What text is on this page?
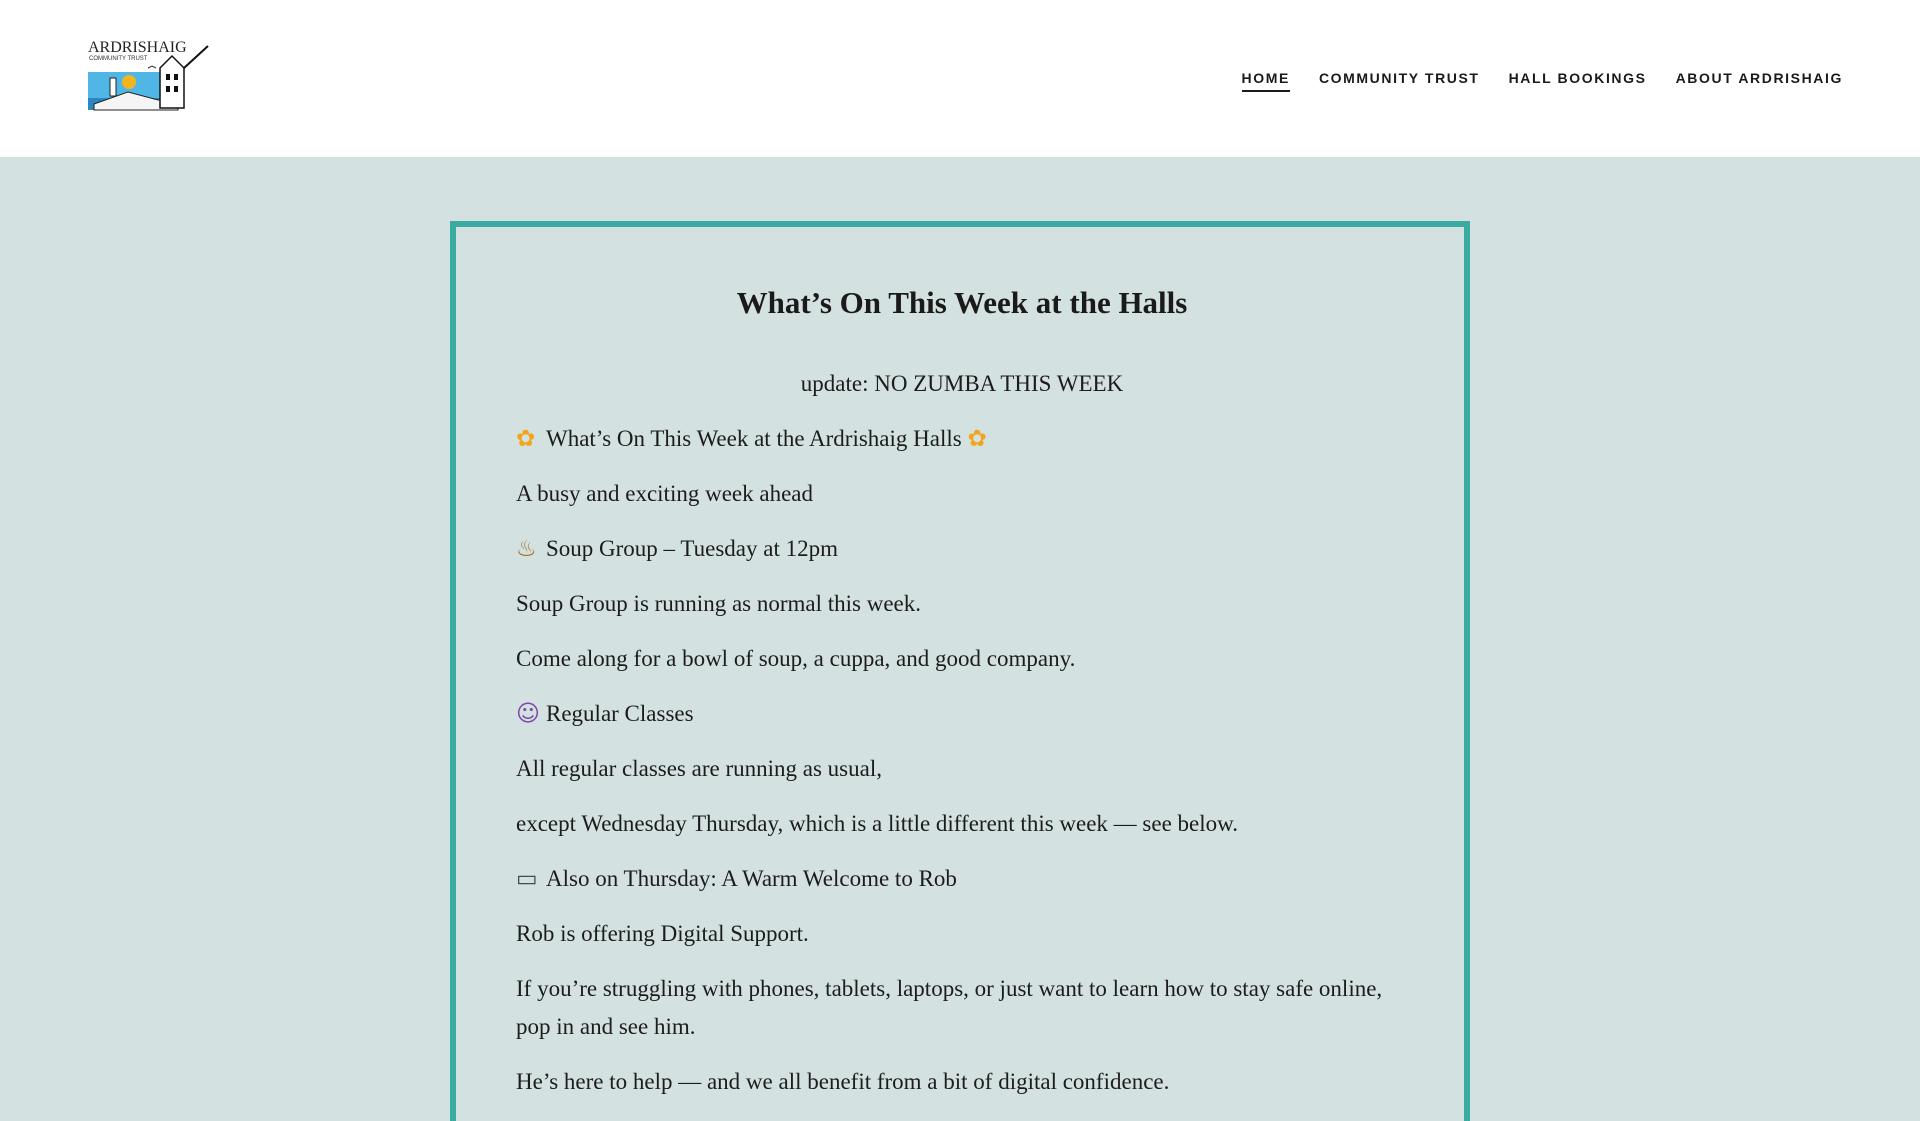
ARDRISHAIG
COMMUNITY TRUST
HOME COMMUNITY TRUST HALL BOOKINGS ABOUT ARDRISHAIG
What’s On This Week at the Halls

update: NO ZUMBA THIS WEEK

✿ What’s On This Week at the Ardrishaig Halls ✿

A busy and exciting week ahead

♨ Soup Group – Tuesday at 12pm

Soup Group is running as normal this week.

Come along for a bowl of soup, a cuppa, and good company.

☺ Regular Classes

All regular classes are running as usual,

except Wednesday Thursday, which is a little different this week — see below.

▭ Also on Thursday: A Warm Welcome to Rob

Rob is offering Digital Support.

If you’re struggling with phones, tablets, laptops, or just want to learn how to stay safe online, pop in and see him.

He’s here to help — and we all benefit from a bit of digital confidence.
